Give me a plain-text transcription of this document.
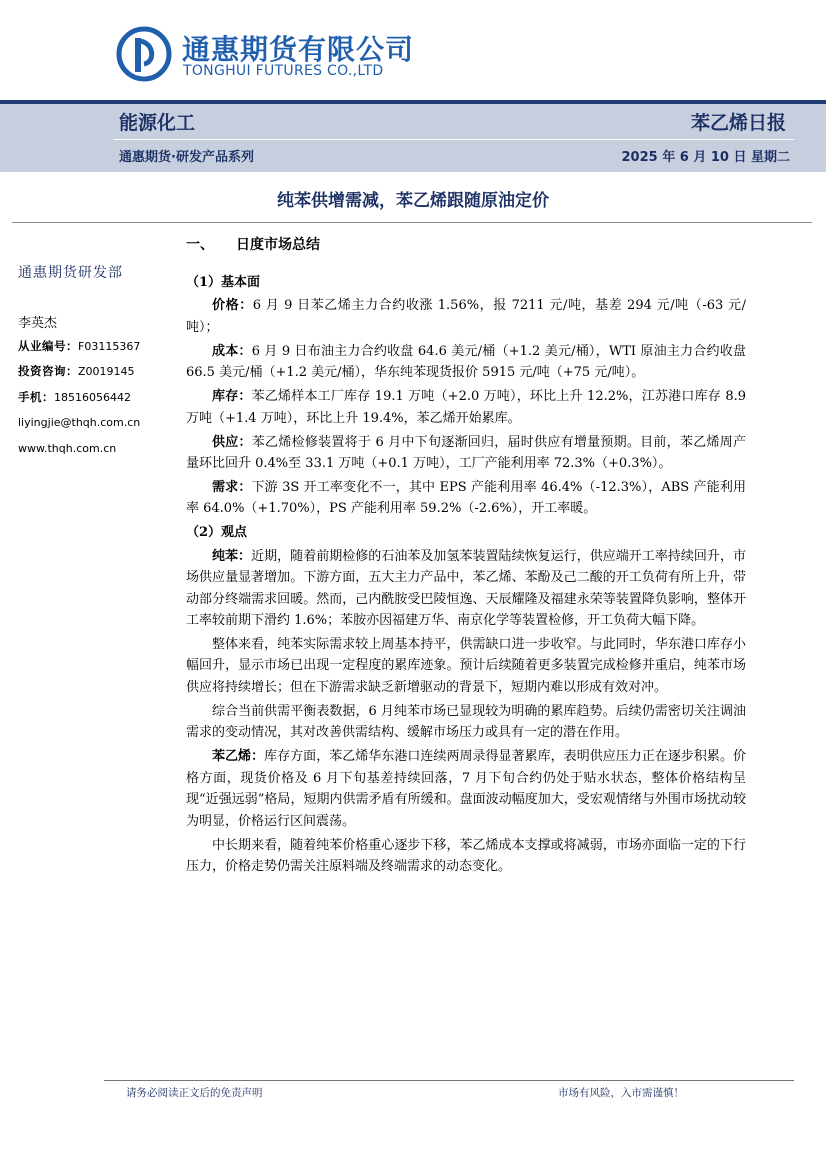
通惠期货有限公司
TONGHUI FUTURES CO.,LTD
能源化工	苯乙烯日报
通惠期货·研发产品系列	2025 年 6 月 10 日 星期二
纯苯供增需减，苯乙烯跟随原油定价
通惠期货研发部
李英杰
从业编号：F03115367
投资咨询：Z0019145
手机：18516056442
liyingjie@thqh.com.cn
www.thqh.com.cn
一、 日度市场总结

（1）基本面

价格：6 月 9 日苯乙烯主力合约收涨 1.56%，报 7211 元/吨，基差 294 元/吨（-63 元/吨）；

成本：6 月 9 日布油主力合约收盘 64.6 美元/桶（+1.2 美元/桶），WTI 原油主力合约收盘 66.5 美元/桶（+1.2 美元/桶），华东纯苯现货报价 5915 元/吨（+75 元/吨）。

库存：苯乙烯样本工厂库存 19.1 万吨（+2.0 万吨），环比上升 12.2%，江苏港口库存 8.9 万吨（+1.4 万吨），环比上升 19.4%，苯乙烯开始累库。

供应：苯乙烯检修装置将于 6 月中下旬逐渐回归，届时供应有增量预期。目前，苯乙烯周产量环比回升 0.4%至 33.1 万吨（+0.1 万吨），工厂产能利用率 72.3%（+0.3%）。

需求：下游 3S 开工率变化不一，其中 EPS 产能利用率 46.4%（-12.3%），ABS 产能利用率 64.0%（+1.70%），PS 产能利用率 59.2%（-2.6%），开工率暖。

（2）观点

纯苯：近期，随着前期检修的石油苯及加氢苯装置陆续恢复运行，供应端开工率持续回升，市场供应量显著增加。下游方面，五大主力产品中，苯乙烯、苯酚及己二酸的开工负荷有所上升，带动部分终端需求回暖。然而，己内酰胺受巴陵恒逸、天辰耀隆及福建永荣等装置降负影响，整体开工率较前期下滑约 1.6%；苯胺亦因福建万华、南京化学等装置检修，开工负荷大幅下降。

整体来看，纯苯实际需求较上周基本持平，供需缺口进一步收窄。与此同时，华东港口库存小幅回升，显示市场已出现一定程度的累库迹象。预计后续随着更多装置完成检修并重启，纯苯市场供应将持续增长；但在下游需求缺乏新增驱动的背景下，短期内难以形成有效对冲。

综合当前供需平衡表数据，6 月纯苯市场已显现较为明确的累库趋势。后续仍需密切关注调油需求的变动情况，其对改善供需结构、缓解市场压力或具有一定的潜在作用。

苯乙烯：库存方面，苯乙烯华东港口连续两周录得显著累库，表明供应压力正在逐步积累。价格方面，现货价格及 6 月下旬基差持续回落，7 月下旬合约仍处于贴水状态，整体价格结构呈现“近强远弱”格局，短期内供需矛盾有所缓和。盘面波动幅度加大，受宏观情绪与外围市场扰动较为明显，价格运行区间震荡。

中长期来看，随着纯苯价格重心逐步下移，苯乙烯成本支撑或将减弱，市场亦面临一定的下行压力，价格走势仍需关注原料端及终端需求的动态变化。

请务必阅读正文后的免责声明	市场有风险，入市需谨慎！
